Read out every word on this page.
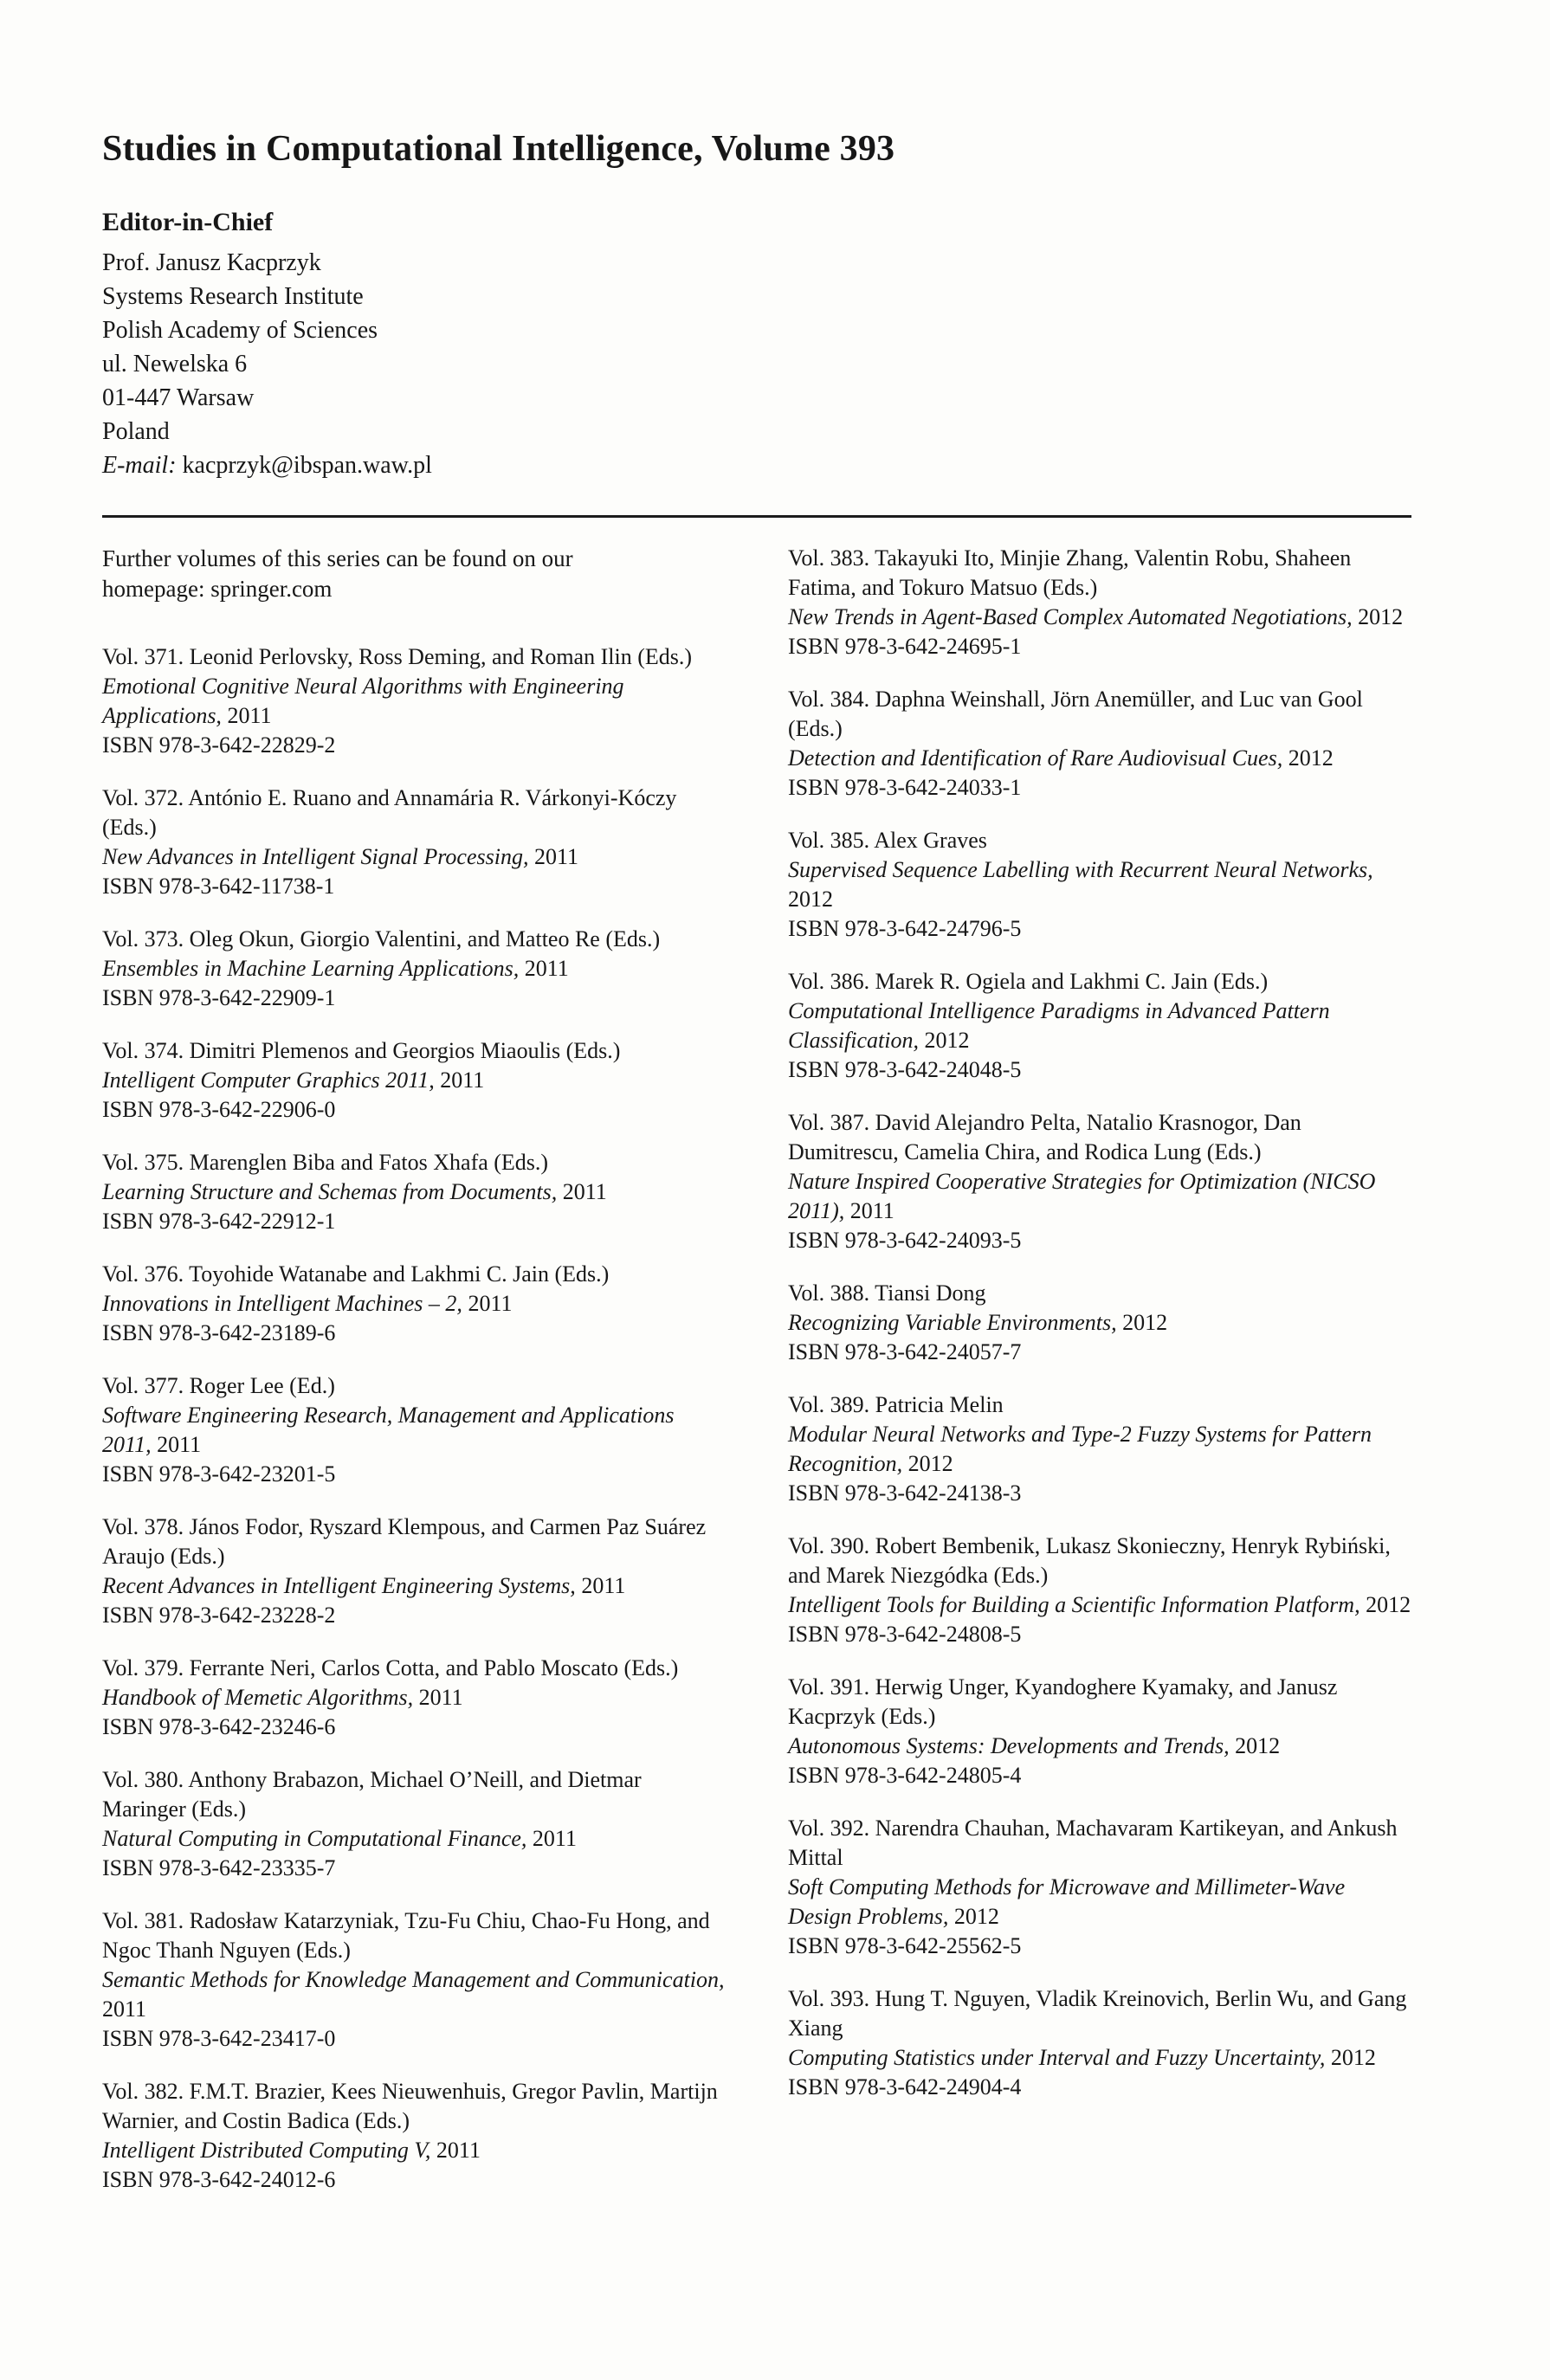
Studies in Computational Intelligence, Volume 393
Editor-in-Chief
Prof. Janusz Kacprzyk
Systems Research Institute
Polish Academy of Sciences
ul. Newelska 6
01-447 Warsaw
Poland
E-mail: kacprzyk@ibspan.waw.pl

Further volumes of this series can be found on our homepage: springer.com

Vol. 371. Leonid Perlovsky, Ross Deming, and Roman Ilin (Eds.)
Emotional Cognitive Neural Algorithms with Engineering Applications, 2011
ISBN 978-3-642-22829-2
Vol. 372. António E. Ruano and Annamária R. Várkonyi-Kóczy (Eds.)
New Advances in Intelligent Signal Processing, 2011
ISBN 978-3-642-11738-1
Vol. 373. Oleg Okun, Giorgio Valentini, and Matteo Re (Eds.)
Ensembles in Machine Learning Applications, 2011
ISBN 978-3-642-22909-1
Vol. 374. Dimitri Plemenos and Georgios Miaoulis (Eds.)
Intelligent Computer Graphics 2011, 2011
ISBN 978-3-642-22906-0
Vol. 375. Marenglen Biba and Fatos Xhafa (Eds.)
Learning Structure and Schemas from Documents, 2011
ISBN 978-3-642-22912-1
Vol. 376. Toyohide Watanabe and Lakhmi C. Jain (Eds.)
Innovations in Intelligent Machines – 2, 2011
ISBN 978-3-642-23189-6
Vol. 377. Roger Lee (Ed.)
Software Engineering Research, Management and Applications 2011, 2011
ISBN 978-3-642-23201-5
Vol. 378. János Fodor, Ryszard Klempous, and Carmen Paz Suárez Araujo (Eds.)
Recent Advances in Intelligent Engineering Systems, 2011
ISBN 978-3-642-23228-2
Vol. 379. Ferrante Neri, Carlos Cotta, and Pablo Moscato (Eds.)
Handbook of Memetic Algorithms, 2011
ISBN 978-3-642-23246-6
Vol. 380. Anthony Brabazon, Michael O’Neill, and Dietmar Maringer (Eds.)
Natural Computing in Computational Finance, 2011
ISBN 978-3-642-23335-7
Vol. 381. Radosław Katarzyniak, Tzu-Fu Chiu, Chao-Fu Hong, and Ngoc Thanh Nguyen (Eds.)
Semantic Methods for Knowledge Management and Communication, 2011
ISBN 978-3-642-23417-0
Vol. 382. F.M.T. Brazier, Kees Nieuwenhuis, Gregor Pavlin, Martijn Warnier, and Costin Badica (Eds.)
Intelligent Distributed Computing V, 2011
ISBN 978-3-642-24012-6
Vol. 383. Takayuki Ito, Minjie Zhang, Valentin Robu, Shaheen Fatima, and Tokuro Matsuo (Eds.)
New Trends in Agent-Based Complex Automated Negotiations, 2012
ISBN 978-3-642-24695-1
Vol. 384. Daphna Weinshall, Jörn Anemüller, and Luc van Gool (Eds.)
Detection and Identification of Rare Audiovisual Cues, 2012
ISBN 978-3-642-24033-1
Vol. 385. Alex Graves
Supervised Sequence Labelling with Recurrent Neural Networks, 2012
ISBN 978-3-642-24796-5
Vol. 386. Marek R. Ogiela and Lakhmi C. Jain (Eds.)
Computational Intelligence Paradigms in Advanced Pattern Classification, 2012
ISBN 978-3-642-24048-5
Vol. 387. David Alejandro Pelta, Natalio Krasnogor, Dan Dumitrescu, Camelia Chira, and Rodica Lung (Eds.)
Nature Inspired Cooperative Strategies for Optimization (NICSO 2011), 2011
ISBN 978-3-642-24093-5
Vol. 388. Tiansi Dong
Recognizing Variable Environments, 2012
ISBN 978-3-642-24057-7
Vol. 389. Patricia Melin
Modular Neural Networks and Type-2 Fuzzy Systems for Pattern Recognition, 2012
ISBN 978-3-642-24138-3
Vol. 390. Robert Bembenik, Lukasz Skonieczny, Henryk Rybiński, and Marek Niezgódka (Eds.)
Intelligent Tools for Building a Scientific Information Platform, 2012
ISBN 978-3-642-24808-5
Vol. 391. Herwig Unger, Kyandoghere Kyamaky, and Janusz Kacprzyk (Eds.)
Autonomous Systems: Developments and Trends, 2012
ISBN 978-3-642-24805-4
Vol. 392. Narendra Chauhan, Machavaram Kartikeyan, and Ankush Mittal
Soft Computing Methods for Microwave and Millimeter-Wave Design Problems, 2012
ISBN 978-3-642-25562-5
Vol. 393. Hung T. Nguyen, Vladik Kreinovich, Berlin Wu, and Gang Xiang
Computing Statistics under Interval and Fuzzy Uncertainty, 2012
ISBN 978-3-642-24904-4
